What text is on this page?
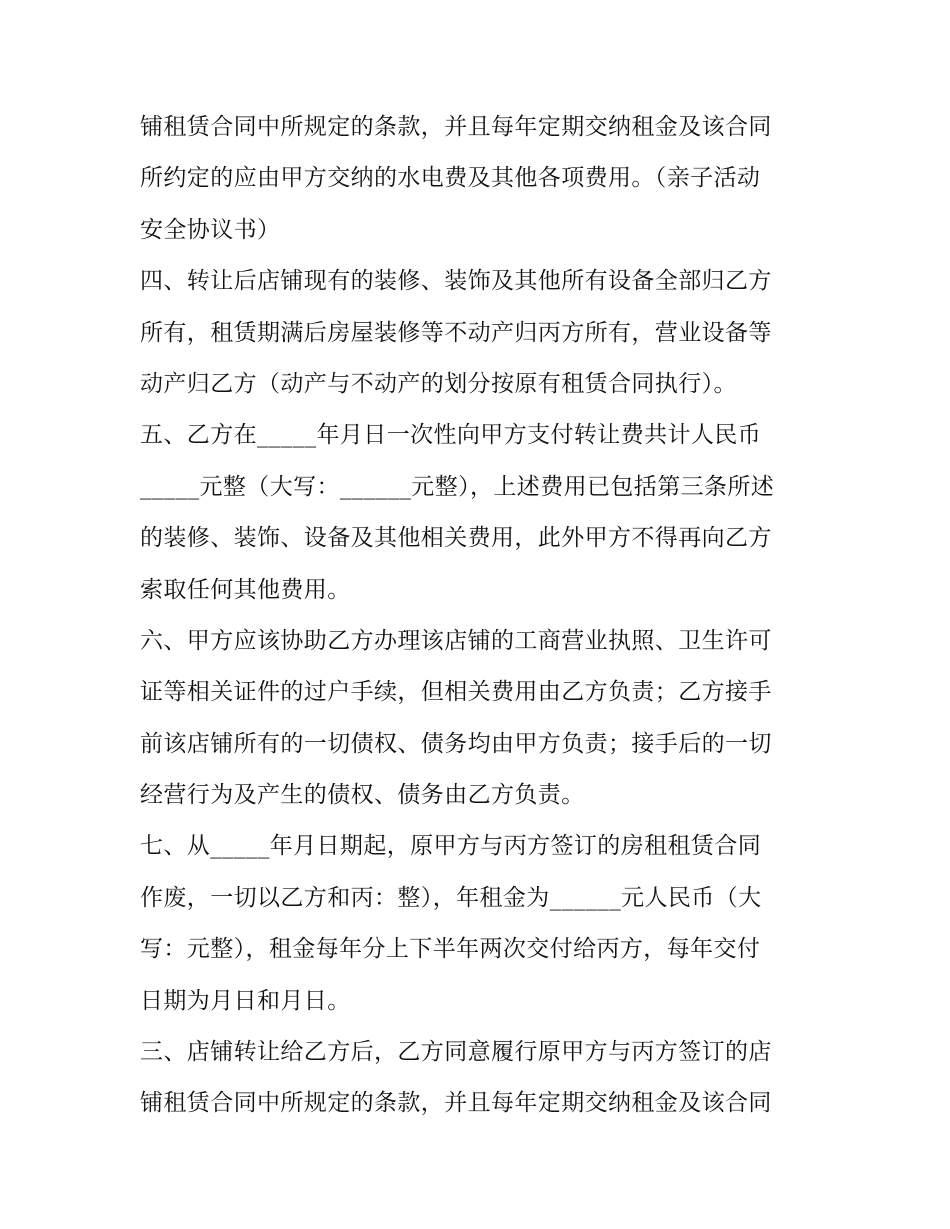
铺租赁合同中所规定的条款，并且每年定期交纳租金及该合同
所约定的应由甲方交纳的水电费及其他各项费用。（亲子活动
安全协议书）
四、转让后店铺现有的装修、装饰及其他所有设备全部归乙方
所有，租赁期满后房屋装修等不动产归丙方所有，营业设备等
动产归乙方（动产与不动产的划分按原有租赁合同执行）。
五、乙方在_____年月日一次性向甲方支付转让费共计人民币
_____元整（大写：______元整），上述费用已包括第三条所述
的装修、装饰、设备及其他相关费用，此外甲方不得再向乙方
索取任何其他费用。
六、甲方应该协助乙方办理该店铺的工商营业执照、卫生许可
证等相关证件的过户手续，但相关费用由乙方负责；乙方接手
前该店铺所有的一切债权、债务均由甲方负责；接手后的一切
经营行为及产生的债权、债务由乙方负责。
七、从_____年月日期起，原甲方与丙方签订的房租租赁合同
作废，一切以乙方和丙：整），年租金为______元人民币（大
写：元整），租金每年分上下半年两次交付给丙方，每年交付
日期为月日和月日。
三、店铺转让给乙方后，乙方同意履行原甲方与丙方签订的店
铺租赁合同中所规定的条款，并且每年定期交纳租金及该合同
